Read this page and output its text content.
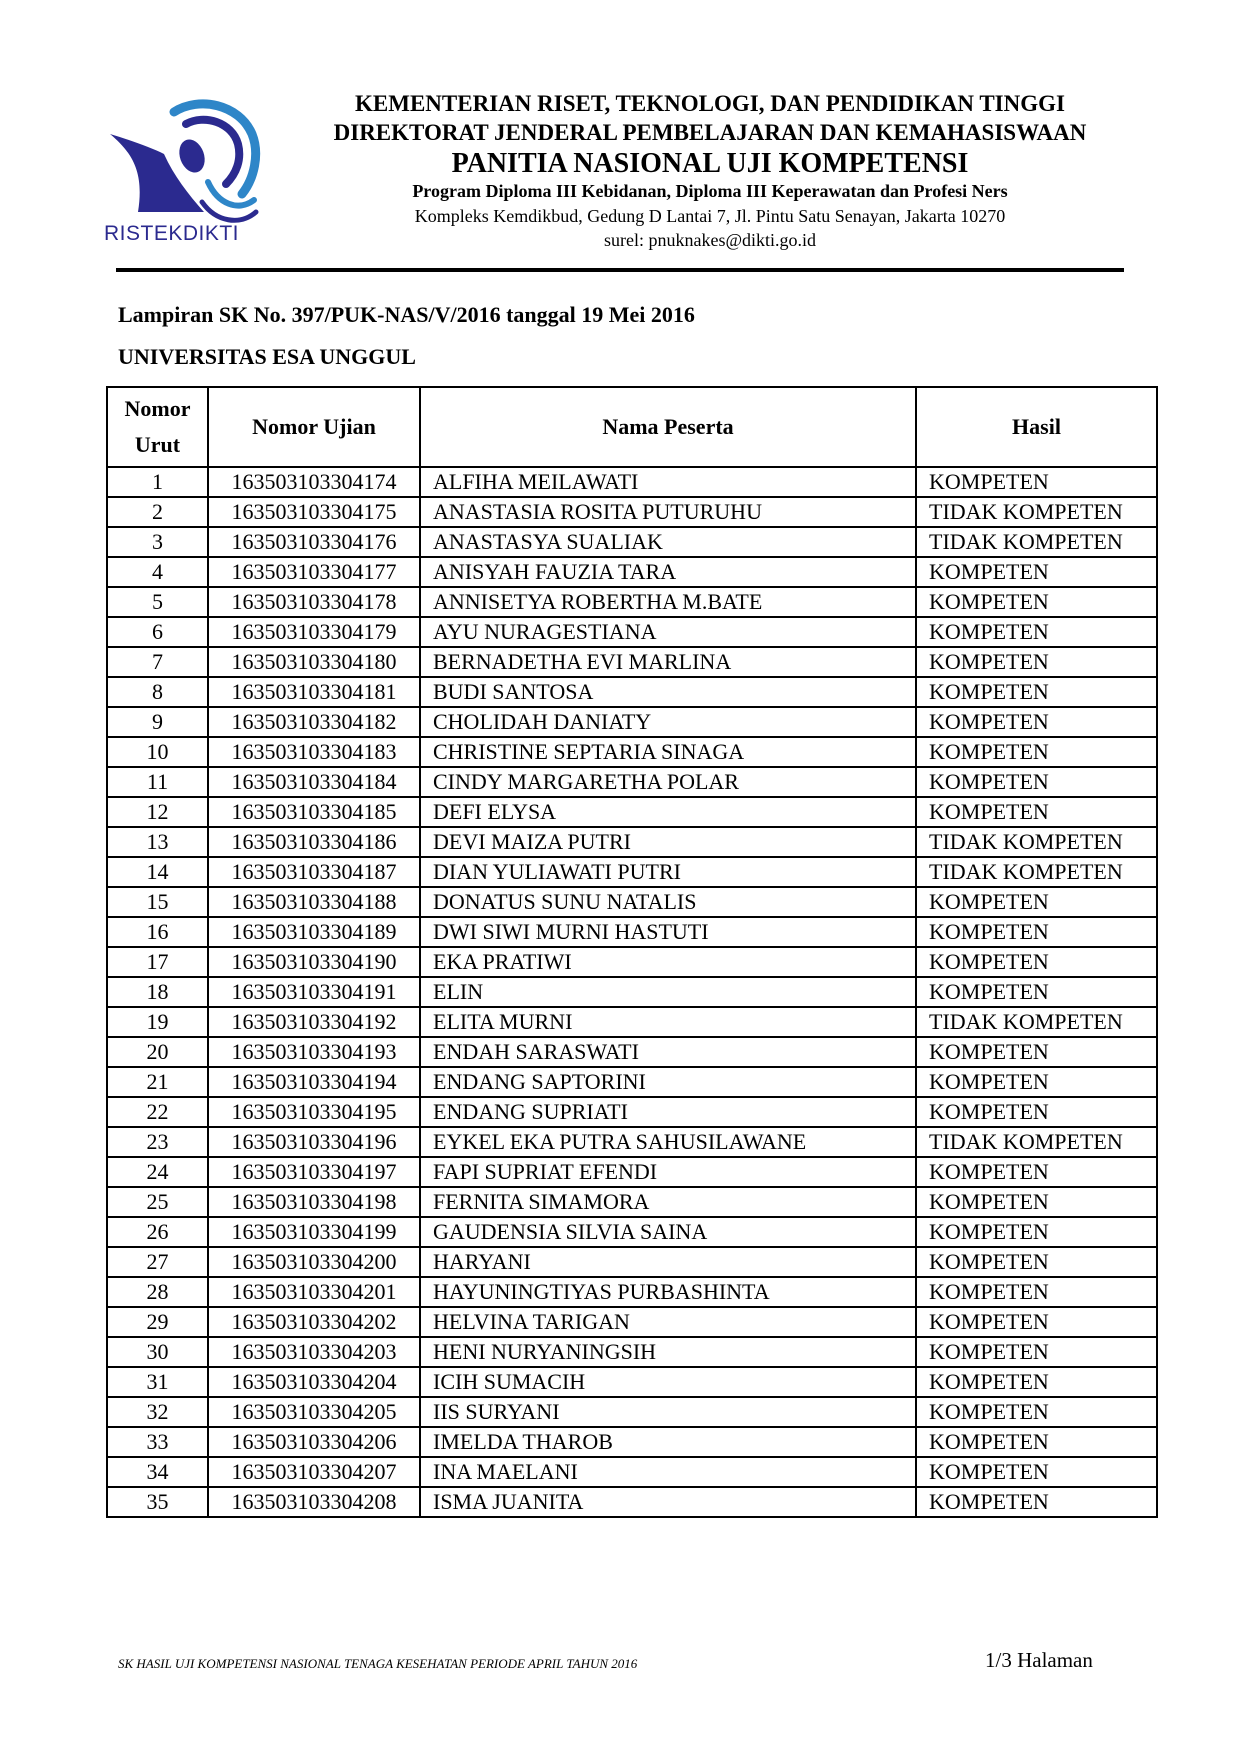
RISTEKDIKTI
KEMENTERIAN RISET, TEKNOLOGI, DAN PENDIDIKAN TINGGI
DIREKTORAT JENDERAL PEMBELAJARAN DAN KEMAHASISWAAN
PANITIA NASIONAL UJI KOMPETENSI
Program Diploma III Kebidanan, Diploma III Keperawatan dan Profesi Ners
Kompleks Kemdikbud, Gedung D Lantai 7, Jl. Pintu Satu Senayan, Jakarta 10270
surel: pnuknakes@dikti.go.id
Lampiran SK No. 397/PUK-NAS/V/2016 tanggal 19 Mei 2016
UNIVERSITAS ESA UNGGUL
Nomor
Urut	Nomor Ujian	Nama Peserta	Hasil
1	163503103304174	ALFIHA MEILAWATI	KOMPETEN
2	163503103304175	ANASTASIA ROSITA PUTURUHU	TIDAK KOMPETEN
3	163503103304176	ANASTASYA SUALIAK	TIDAK KOMPETEN
4	163503103304177	ANISYAH FAUZIA TARA	KOMPETEN
5	163503103304178	ANNISETYA ROBERTHA M.BATE	KOMPETEN
6	163503103304179	AYU NURAGESTIANA	KOMPETEN
7	163503103304180	BERNADETHA EVI MARLINA	KOMPETEN
8	163503103304181	BUDI SANTOSA	KOMPETEN
9	163503103304182	CHOLIDAH DANIATY	KOMPETEN
10	163503103304183	CHRISTINE SEPTARIA SINAGA	KOMPETEN
11	163503103304184	CINDY MARGARETHA POLAR	KOMPETEN
12	163503103304185	DEFI ELYSA	KOMPETEN
13	163503103304186	DEVI MAIZA PUTRI	TIDAK KOMPETEN
14	163503103304187	DIAN YULIAWATI PUTRI	TIDAK KOMPETEN
15	163503103304188	DONATUS SUNU NATALIS	KOMPETEN
16	163503103304189	DWI SIWI MURNI HASTUTI	KOMPETEN
17	163503103304190	EKA PRATIWI	KOMPETEN
18	163503103304191	ELIN	KOMPETEN
19	163503103304192	ELITA MURNI	TIDAK KOMPETEN
20	163503103304193	ENDAH SARASWATI	KOMPETEN
21	163503103304194	ENDANG SAPTORINI	KOMPETEN
22	163503103304195	ENDANG SUPRIATI	KOMPETEN
23	163503103304196	EYKEL EKA PUTRA SAHUSILAWANE	TIDAK KOMPETEN
24	163503103304197	FAPI SUPRIAT EFENDI	KOMPETEN
25	163503103304198	FERNITA SIMAMORA	KOMPETEN
26	163503103304199	GAUDENSIA SILVIA SAINA	KOMPETEN
27	163503103304200	HARYANI	KOMPETEN
28	163503103304201	HAYUNINGTIYAS PURBASHINTA	KOMPETEN
29	163503103304202	HELVINA TARIGAN	KOMPETEN
30	163503103304203	HENI NURYANINGSIH	KOMPETEN
31	163503103304204	ICIH SUMACIH	KOMPETEN
32	163503103304205	IIS SURYANI	KOMPETEN
33	163503103304206	IMELDA THAROB	KOMPETEN
34	163503103304207	INA MAELANI	KOMPETEN
35	163503103304208	ISMA JUANITA	KOMPETEN
SK HASIL UJI KOMPETENSI NASIONAL TENAGA KESEHATAN PERIODE APRIL TAHUN 2016	1/3 Halaman
